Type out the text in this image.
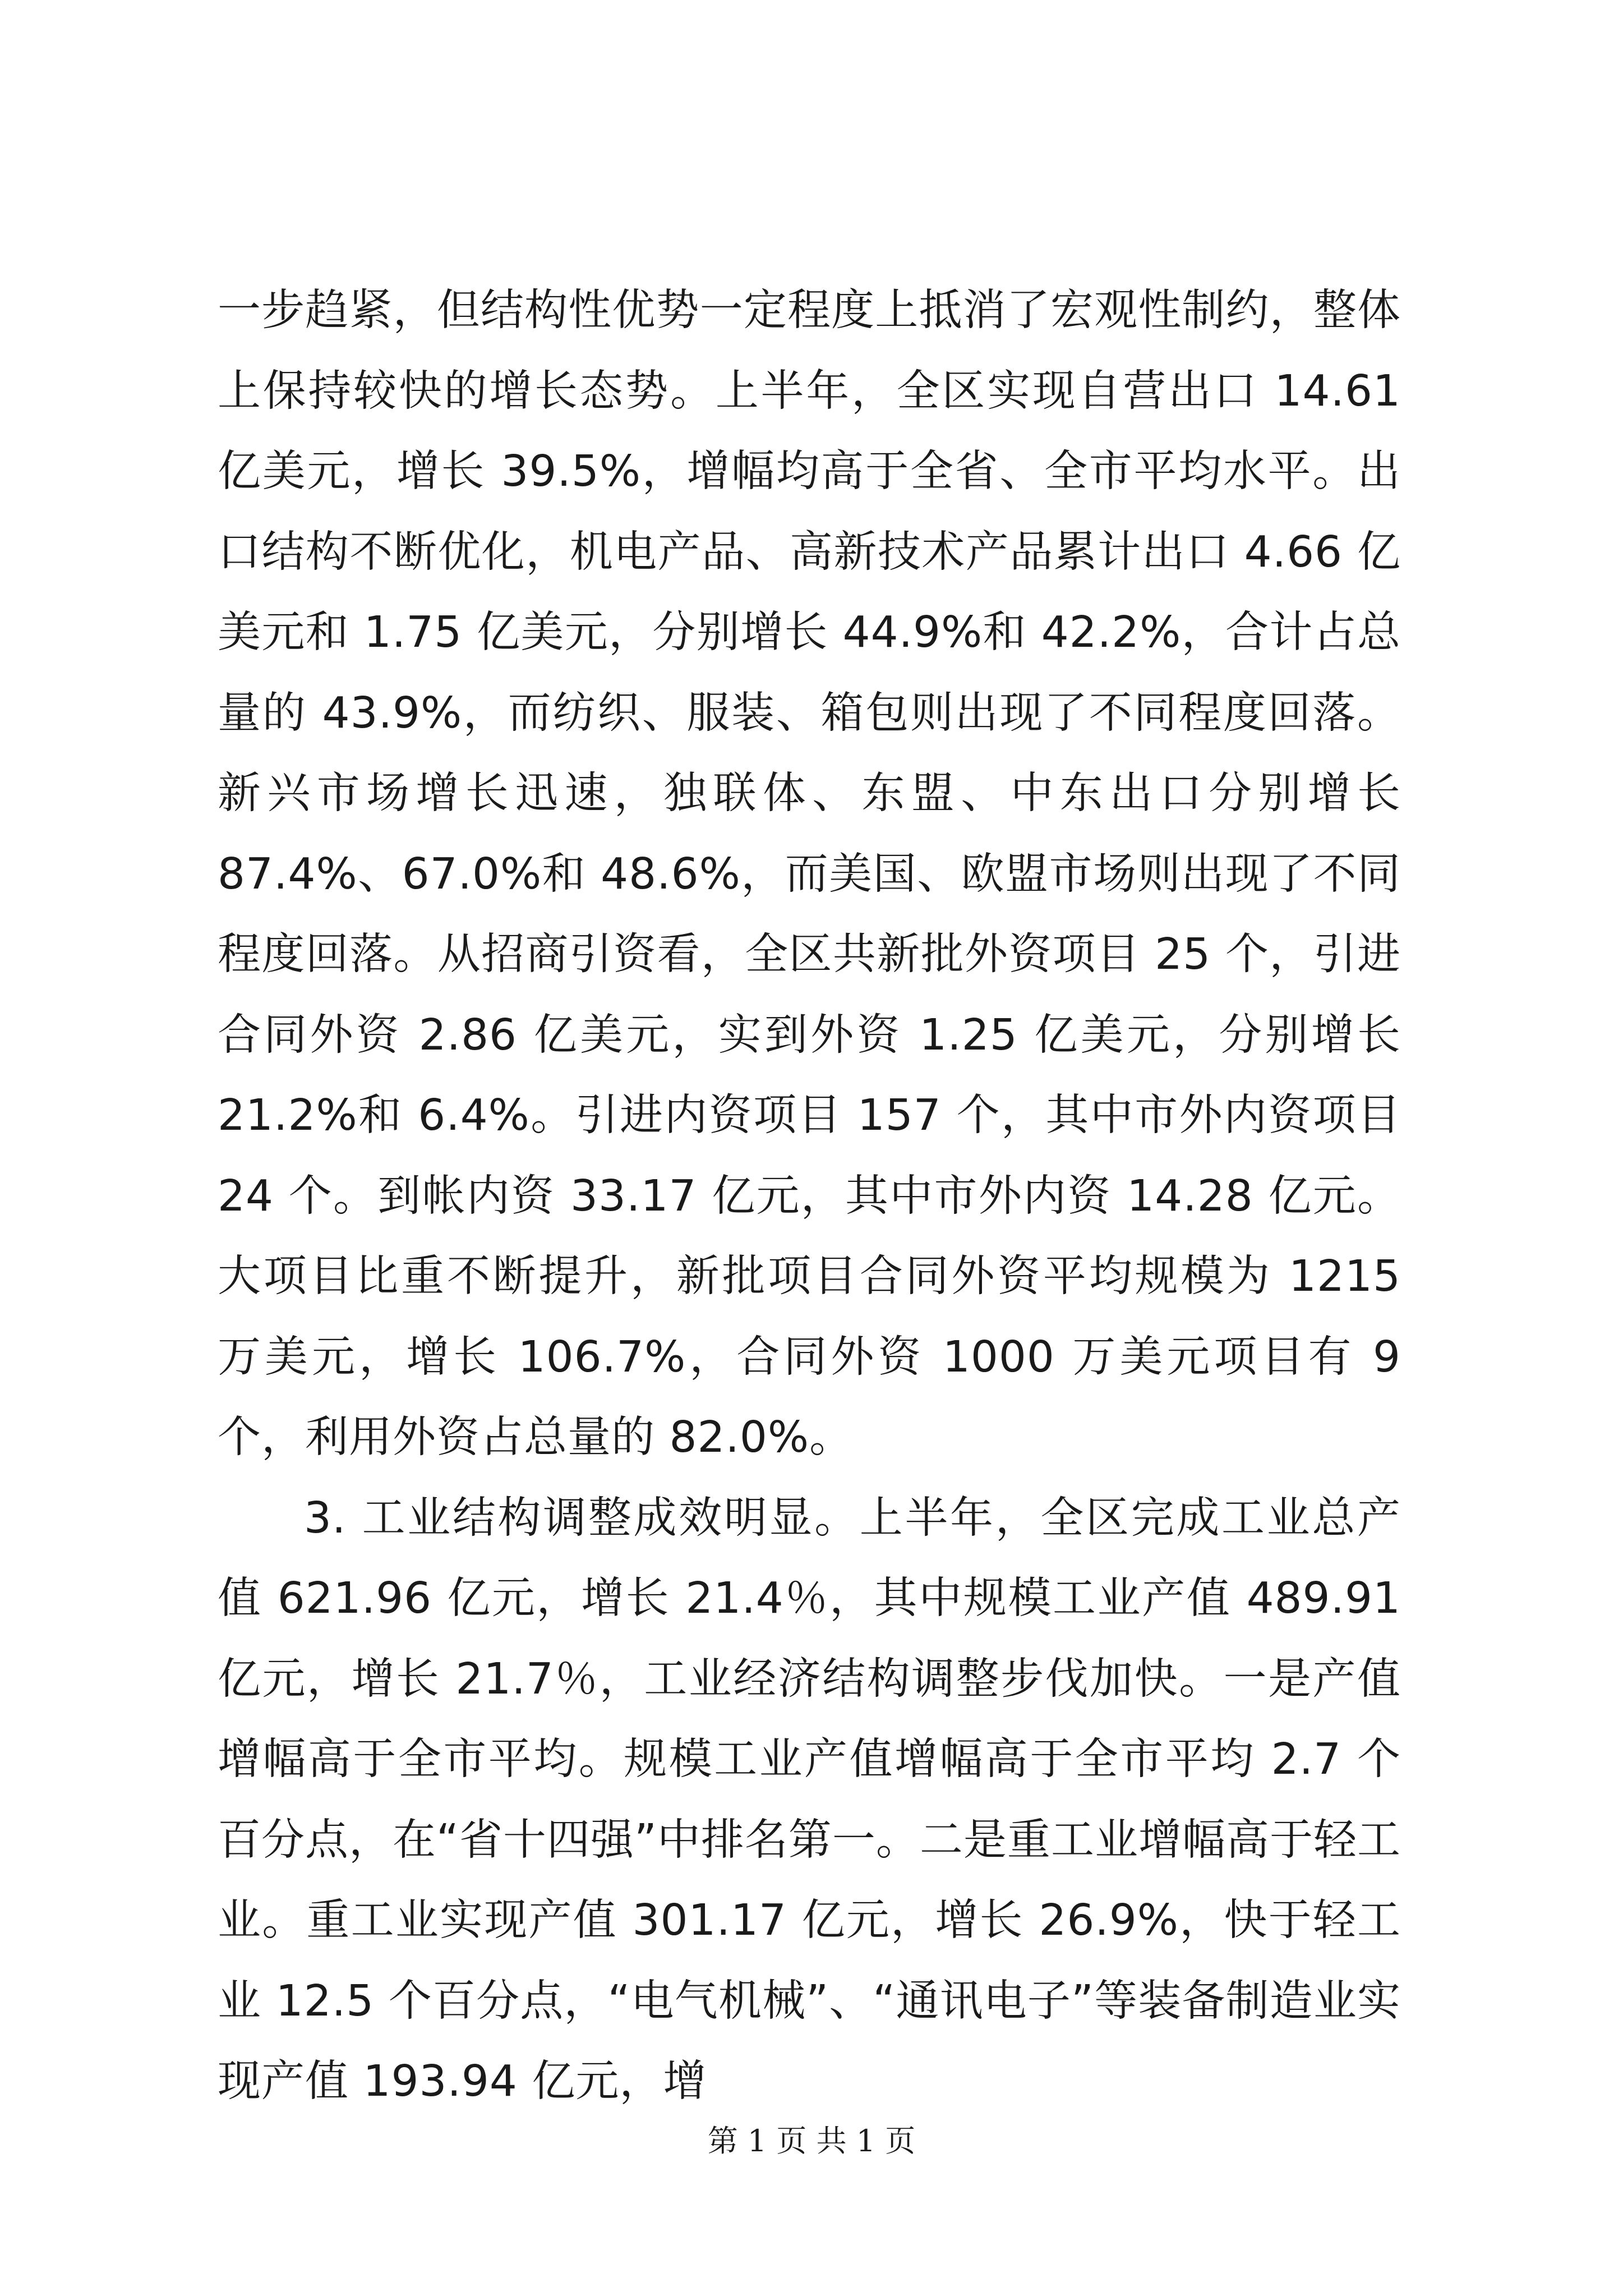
一步趋紧，但结构性优势一定程度上抵消了宏观性制约，整体上保持较快的增长态势。上半年，全区实现自营出口 14.61 亿美元，增长 39.5%，增幅均高于全省、全市平均水平。出口结构不断优化，机电产品、高新技术产品累计出口 4.66 亿美元和 1.75 亿美元，分别增长 44.9%和 42.2%，合计占总量的 43.9%，而纺织、服装、箱包则出现了不同程度回落。新兴市场增长迅速，独联体、东盟、中东出口分别增长 87.4%、67.0%和 48.6%，而美国、欧盟市场则出现了不同程度回落。从招商引资看，全区共新批外资项目 25 个，引进合同外资 2.86 亿美元，实到外资 1.25 亿美元，分别增长 21.2%和 6.4%。引进内资项目 157 个，其中市外内资项目 24 个。到帐内资 33.17 亿元，其中市外内资 14.28 亿元。大项目比重不断提升，新批项目合同外资平均规模为 1215 万美元，增长 106.7%，合同外资 1000 万美元项目有 9 个，利用外资占总量的 82.0%。

3. 工业结构调整成效明显。上半年，全区完成工业总产值 621.96 亿元，增长 21.4％，其中规模工业产值 489.91 亿元，增长 21.7％，工业经济结构调整步伐加快。一是产值增幅高于全市平均。规模工业产值增幅高于全市平均 2.7 个百分点，在“省十四强”中排名第一。二是重工业增幅高于轻工业。重工业实现产值 301.17 亿元，增长 26.9%，快于轻工业 12.5 个百分点，“电气机械”、“通讯电子”等装备制造业实现产值 193.94 亿元，增

第 1 页 共 1 页
